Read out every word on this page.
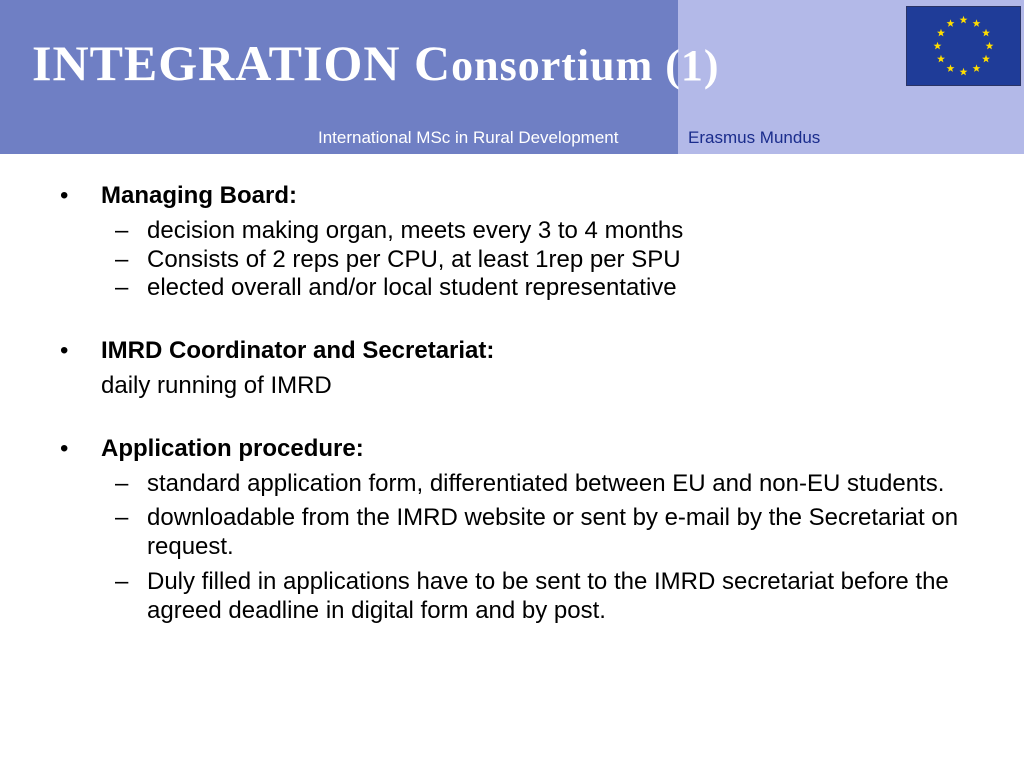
INTEGRATION Consortium (1)
International MSc in Rural Development	Erasmus Mundus
•	Managing Board:
– decision making organ, meets every 3 to 4 months
– Consists of 2 reps per CPU, at least 1rep per SPU
– elected overall and/or local student representative
•	IMRD Coordinator and Secretariat:
daily running of IMRD
•	Application procedure:
– standard application form, differentiated between EU and non-EU students.
– downloadable from the IMRD website or sent by e-mail by the Secretariat on request.
– Duly filled in applications have to be sent to the IMRD secretariat before the agreed deadline in digital form and by post.
